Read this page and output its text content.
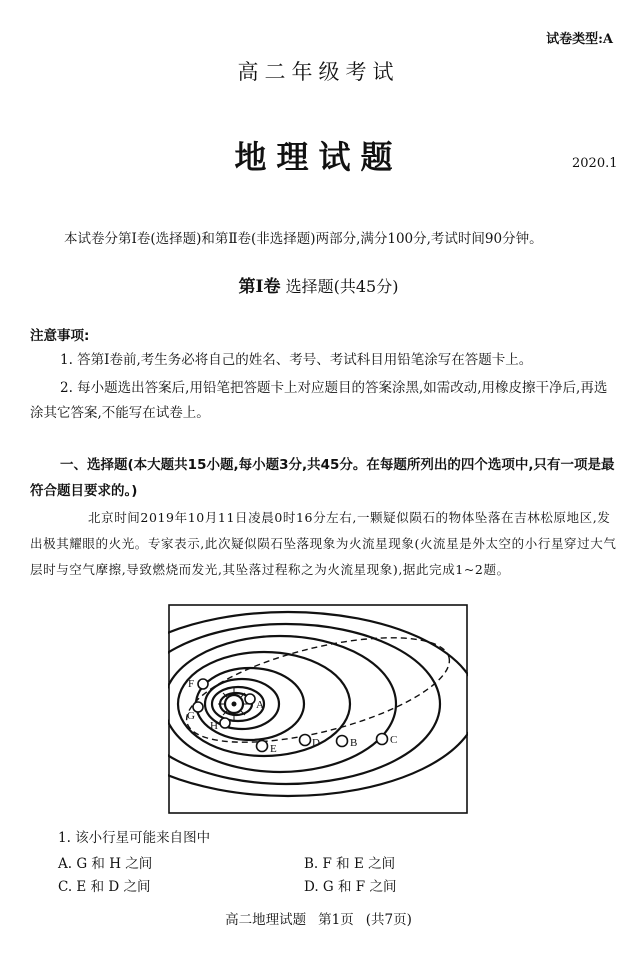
试卷类型:A
高二年级考试
地理试题	2020.1
本试卷分第Ⅰ卷(选择题)和第Ⅱ卷(非选择题)两部分,满分100分,考试时间90分钟。
第Ⅰ卷 选择题(共45分)
注意事项:
1. 答第Ⅰ卷前,考生务必将自己的姓名、考号、考试科目用铅笔涂写在答题卡上。
2. 每小题选出答案后,用铅笔把答题卡上对应题目的答案涂黑,如需改动,用橡皮擦干净后,再选涂其它答案,不能写在试卷上。
一、选择题(本大题共15小题,每小题3分,共45分。在每题所列出的四个选项中,只有一项是最符合题目要求的。)
北京时间2019年10月11日凌晨0时16分左右,一颗疑似陨石的物体坠落在吉林松原地区,发出极其耀眼的火光。专家表示,此次疑似陨石坠落现象为火流星现象(火流星是外太空的小行星穿过大气层时与空气摩擦,导致燃烧而发光,其坠落过程称之为火流星现象),据此完成1~2题。
F
A
G
H
E	D	B	C
1. 该小行星可能来自图中
A. G 和 H 之间	B. F 和 E 之间
C. E 和 D 之间	D. G 和 F 之间
高二地理试题 第1页 (共7页)
